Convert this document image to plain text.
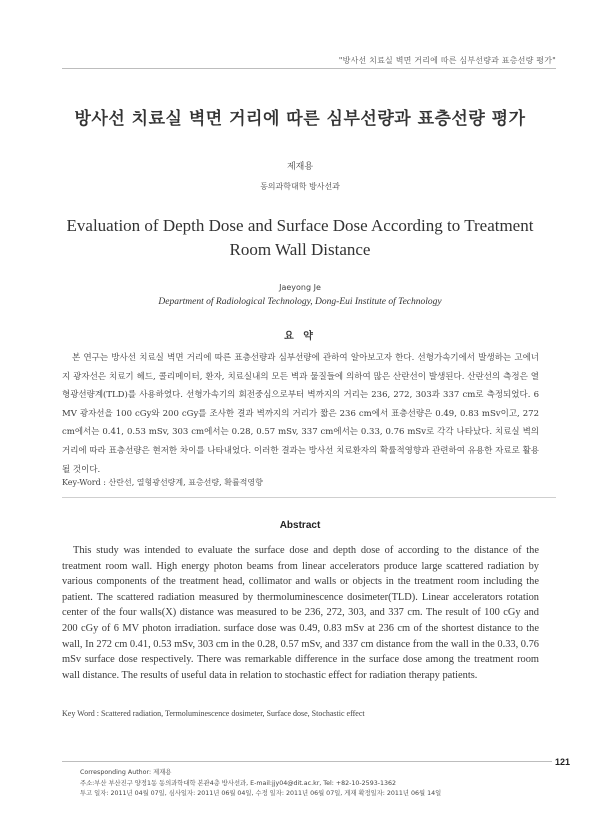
"방사선 치료실 벽면 거리에 따른 심부선량과 표층선량 평가"
방사선 치료실 벽면 거리에 따른 심부선량과 표층선량 평가
제재용
동의과학대학 방사선과
Evaluation of Depth Dose and Surface Dose According to Treatment Room Wall Distance
Jaeyong Je
Department of Radiological Technology, Dong-Eui Institute of Technology
요 약
본 연구는 방사선 치료실 벽면 거리에 따른 표층선량과 심부선량에 관하여 알아보고자 한다. 선형가속기에서 발생하는 고에너지 광자선은 치료기 헤드, 콜리메이터, 환자, 치료실내의 모든 벽과 물질들에 의하여 많은 산란선이 발생된다. 산란선의 측정은 열형광선량계(TLD)를 사용하였다. 선형가속기의 회전중심으로부터 벽까지의 거리는 236, 272, 303과 337 cm로 측정되었다. 6 MV 광자선을 100 cGy와 200 cGy를 조사한 결과 벽까지의 거리가 짧은 236 cm에서 표층선량은 0.49, 0.83 mSv이고, 272 cm에서는 0.41, 0.53 mSv, 303 cm에서는 0.28, 0.57 mSv, 337 cm에서는 0.33, 0.76 mSv로 각각 나타났다. 치료실 벽의 거리에 따라 표층선량은 현저한 차이를 나타내었다. 이러한 결과는 방사선 치료환자의 확률적영향과 관련하여 유용한 자료로 활용될 것이다.
Key-Word : 산란선, 열형광선량계, 표층선량, 확률적영향
Abstract
This study was intended to evaluate the surface dose and depth dose of according to the distance of the treatment room wall. High energy photon beams from linear accelerators produce large scattered radiation by various components of the treatment head, collimator and walls or objects in the treatment room including the patient. The scattered radiation measured by thermoluminescence dosimeter(TLD). Linear accelerators rotation center of the four walls(X) distance was measured to be 236, 272, 303, and 337 cm. The result of 100 cGy and 200 cGy of 6 MV photon irradiation. surface dose was 0.49, 0.83 mSv at 236 cm of the shortest distance to the wall, In 272 cm 0.41, 0.53 mSv, 303 cm in the 0.28, 0.57 mSv, and 337 cm distance from the wall in the 0.33, 0.76 mSv surface dose respectively. There was remarkable difference in the surface dose among the treatment room wall distance. The results of useful data in relation to stochastic effect for radiation therapy patients.
Key Word : Scattered radiation, Termoluminescence dosimeter, Surface dose, Stochastic effect
121
Corresponding Author: 제재용
주소:부산 부산진구 양정1동 동의과학대학 본관4층 방사선과, E-mail:jjy04@dit.ac.kr, Tel: +82-10-2593-1362
투고 일자: 2011년 04월 07일, 심사일자: 2011년 06월 04일, 수정 일자: 2011년 06월 07일, 게재 확정일자: 2011년 06월 14일
